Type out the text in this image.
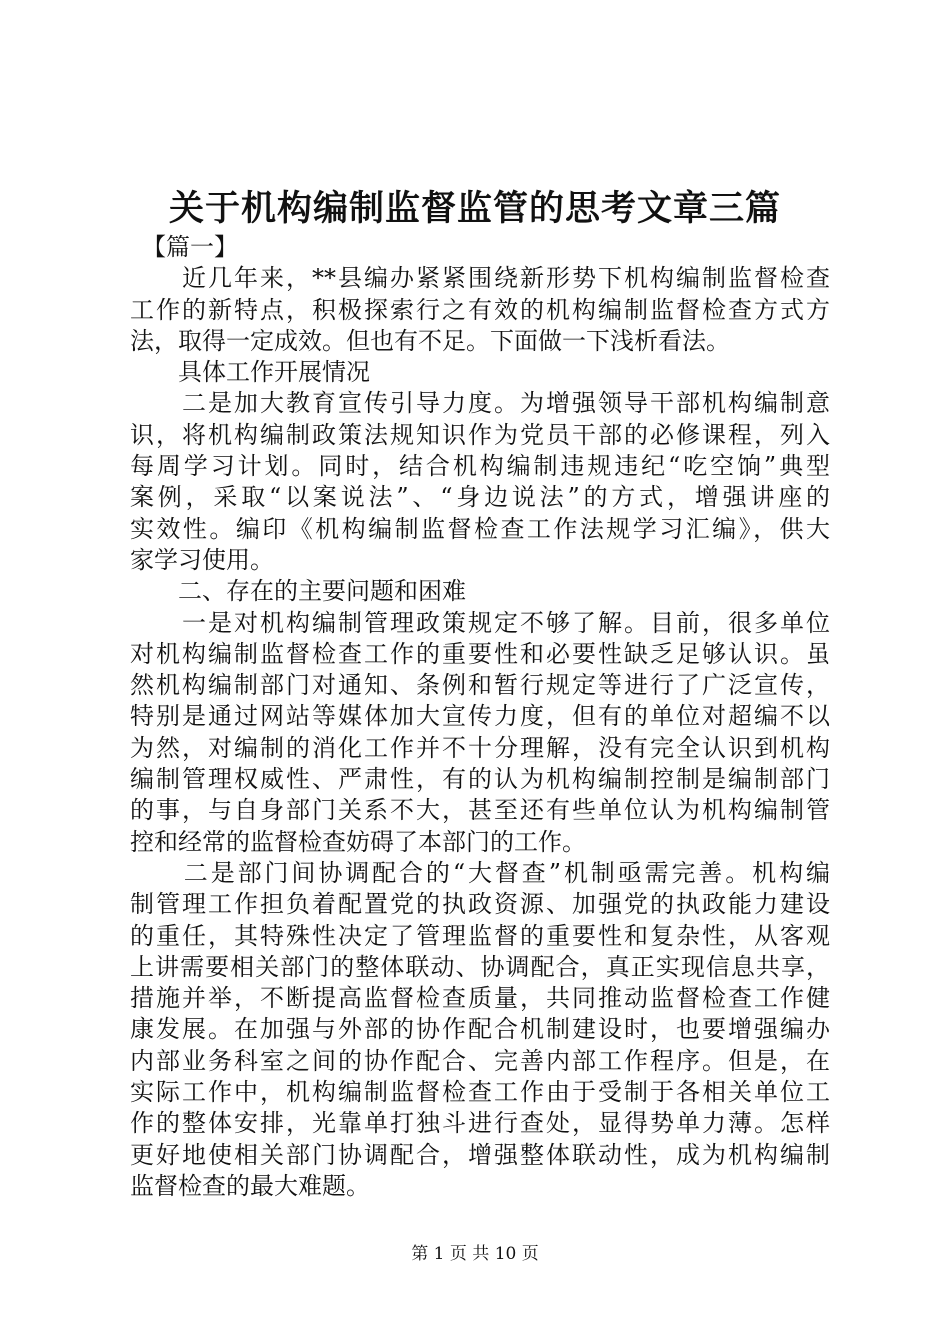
关于机构编制监督监管的思考文章三篇
　【篇一】
　　近几年来，**县编办紧紧围绕新形势下机构编制监督检查
工作的新特点，积极探索行之有效的机构编制监督检查方式方
法，取得一定成效。但也有不足。下面做一下浅析看法。
　　具体工作开展情况
　　二是加大教育宣传引导力度。为增强领导干部机构编制意
识，将机构编制政策法规知识作为党员干部的必修课程，列入
每周学习计划。同时，结合机构编制违规违纪“吃空饷”典型
案例，采取“以案说法”、“身边说法”的方式，增强讲座的
实效性。编印《机构编制监督检查工作法规学习汇编》，供大
家学习使用。
　　二、存在的主要问题和困难
　　一是对机构编制管理政策规定不够了解。目前，很多单位
对机构编制监督检查工作的重要性和必要性缺乏足够认识。虽
然机构编制部门对通知、条例和暂行规定等进行了广泛宣传，
特别是通过网站等媒体加大宣传力度，但有的单位对超编不以
为然，对编制的消化工作并不十分理解，没有完全认识到机构
编制管理权威性、严肃性，有的认为机构编制控制是编制部门
的事，与自身部门关系不大，甚至还有些单位认为机构编制管
控和经常的监督检查妨碍了本部门的工作。
　　二是部门间协调配合的“大督查”机制亟需完善。机构编
制管理工作担负着配置党的执政资源、加强党的执政能力建设
的重任，其特殊性决定了管理监督的重要性和复杂性，从客观
上讲需要相关部门的整体联动、协调配合，真正实现信息共享，
措施并举，不断提高监督检查质量，共同推动监督检查工作健
康发展。在加强与外部的协作配合机制建设时，也要增强编办
内部业务科室之间的协作配合、完善内部工作程序。但是，在
实际工作中，机构编制监督检查工作由于受制于各相关单位工
作的整体安排，光靠单打独斗进行查处，显得势单力薄。怎样
更好地使相关部门协调配合，增强整体联动性，成为机构编制
监督检查的最大难题。
第 1 页 共 10 页
